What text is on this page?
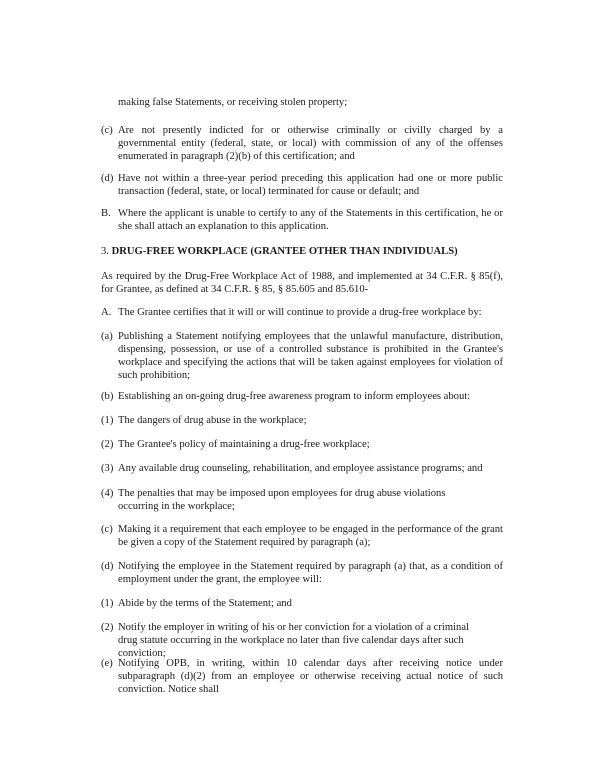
making false Statements, or receiving stolen property;
(c) Are not presently indicted for or otherwise criminally or civilly charged by a governmental entity (federal, state, or local) with commission of any of the offenses enumerated in paragraph (2)(b) of this certification; and
(d) Have not within a three-year period preceding this application had one or more public transaction (federal, state, or local) terminated for cause or default; and
B. Where the applicant is unable to certify to any of the Statements in this certification, he or she shall attach an explanation to this application.
3. DRUG-FREE WORKPLACE (GRANTEE OTHER THAN INDIVIDUALS)
As required by the Drug-Free Workplace Act of 1988, and implemented at 34 C.F.R. § 85(f), for Grantee, as defined at 34 C.F.R. § 85, § 85.605 and 85.610-
A. The Grantee certifies that it will or will continue to provide a drug-free workplace by:
(a) Publishing a Statement notifying employees that the unlawful manufacture, distribution, dispensing, possession, or use of a controlled substance is prohibited in the Grantee's workplace and specifying the actions that will be taken against employees for violation of such prohibition;
(b) Establishing an on-going drug-free awareness program to inform employees about:
(1) The dangers of drug abuse in the workplace;
(2) The Grantee's policy of maintaining a drug-free workplace;
(3) Any available drug counseling, rehabilitation, and employee assistance programs; and
(4) The penalties that may be imposed upon employees for drug abuse violations occurring in the workplace;
(c) Making it a requirement that each employee to be engaged in the performance of the grant be given a copy of the Statement required by paragraph (a);
(d) Notifying the employee in the Statement required by paragraph (a) that, as a condition of employment under the grant, the employee will:
(1) Abide by the terms of the Statement; and
(2) Notify the employer in writing of his or her conviction for a violation of a criminal drug statute occurring in the workplace no later than five calendar days after such conviction;
(e) Notifying OPB, in writing, within 10 calendar days after receiving notice under subparagraph (d)(2) from an employee or otherwise receiving actual notice of such conviction. Notice shall
